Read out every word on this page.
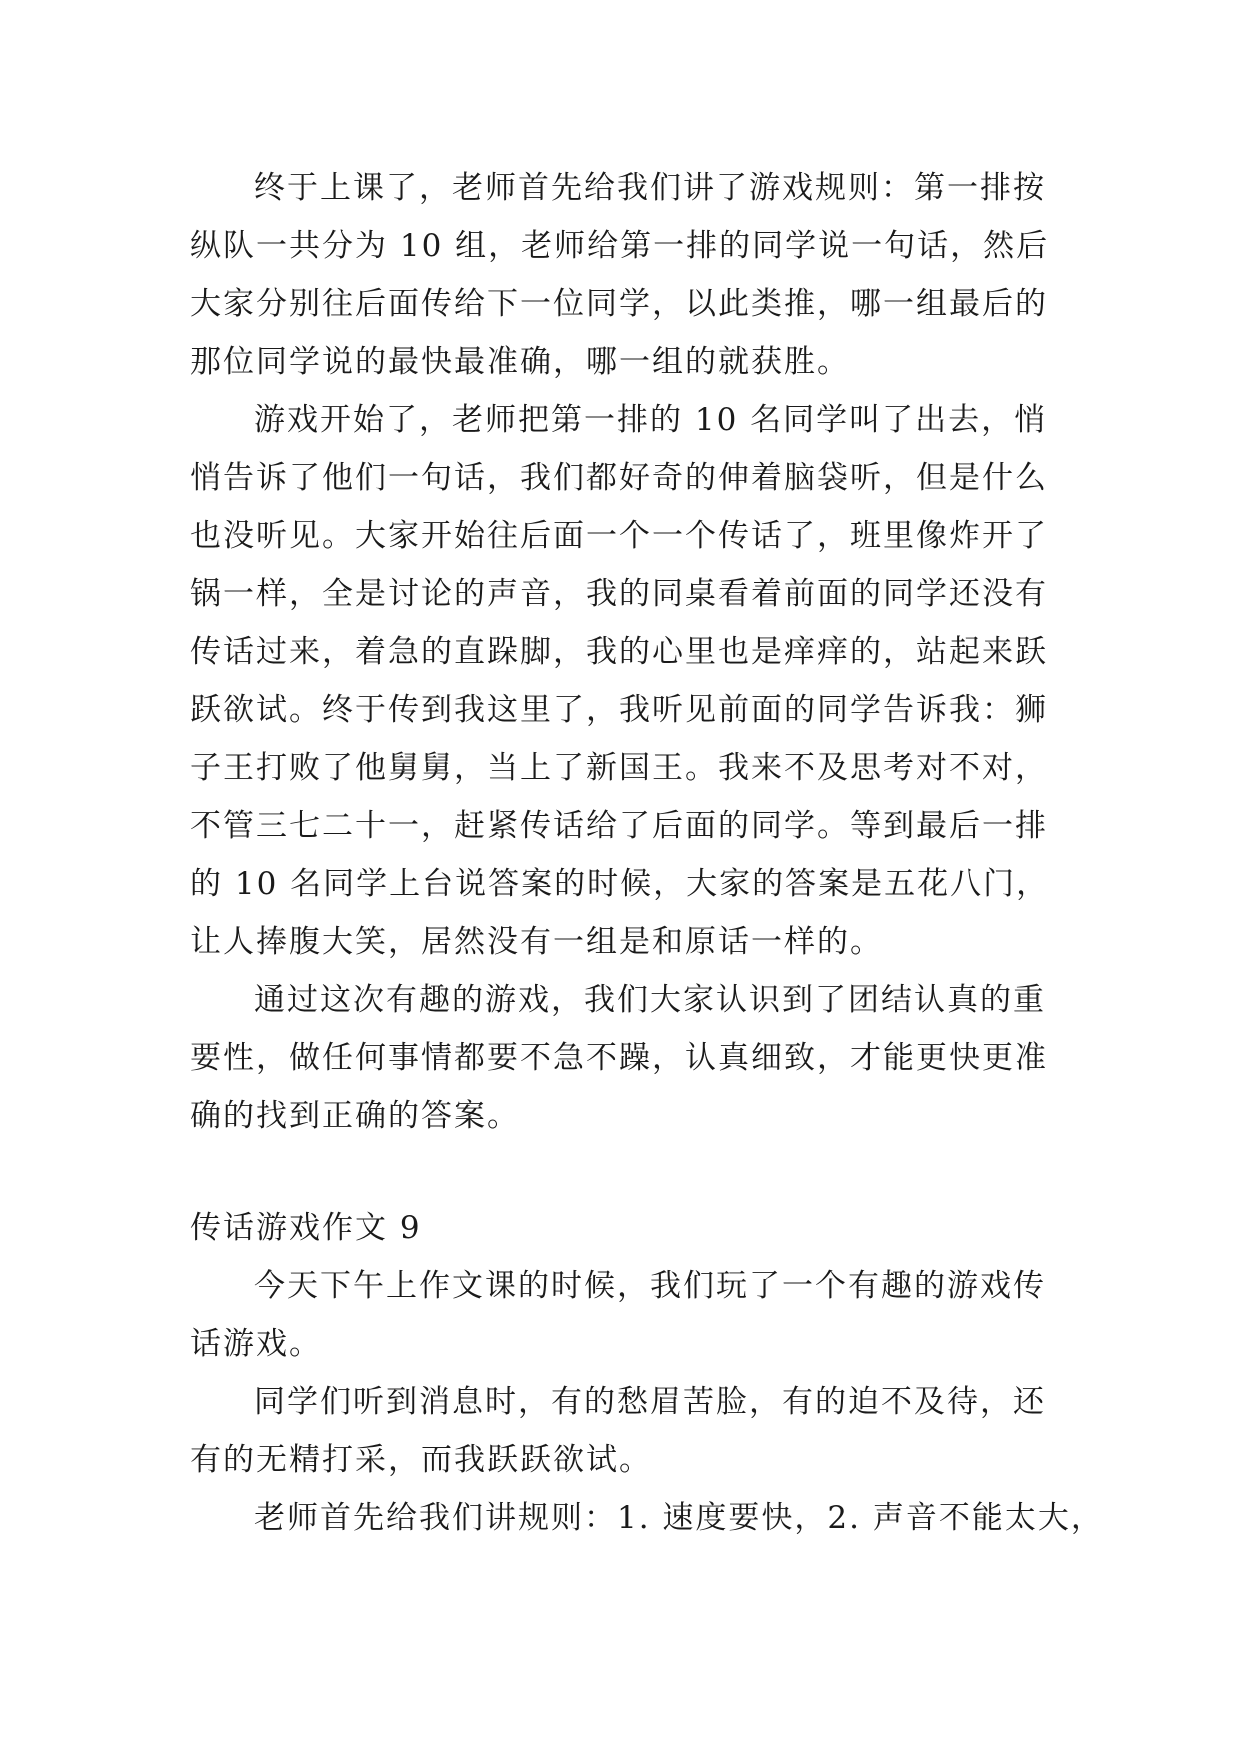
终于上课了，老师首先给我们讲了游戏规则：第一排按
纵队一共分为 10 组，老师给第一排的同学说一句话，然后
大家分别往后面传给下一位同学，以此类推，哪一组最后的
那位同学说的最快最准确，哪一组的就获胜。
游戏开始了，老师把第一排的 10 名同学叫了出去，悄
悄告诉了他们一句话，我们都好奇的伸着脑袋听，但是什么
也没听见。大家开始往后面一个一个传话了，班里像炸开了
锅一样，全是讨论的声音，我的同桌看着前面的同学还没有
传话过来，着急的直跺脚，我的心里也是痒痒的，站起来跃
跃欲试。终于传到我这里了，我听见前面的同学告诉我：狮
子王打败了他舅舅，当上了新国王。我来不及思考对不对，
不管三七二十一，赶紧传话给了后面的同学。等到最后一排
的 10 名同学上台说答案的时候，大家的答案是五花八门，
让人捧腹大笑，居然没有一组是和原话一样的。
通过这次有趣的游戏，我们大家认识到了团结认真的重
要性，做任何事情都要不急不躁，认真细致，才能更快更准
确的找到正确的答案。
传话游戏作文 9
今天下午上作文课的时候，我们玩了一个有趣的游戏传
话游戏。
同学们听到消息时，有的愁眉苦脸，有的迫不及待，还
有的无精打采，而我跃跃欲试。
老师首先给我们讲规则：1. 速度要快，2. 声音不能太大，
